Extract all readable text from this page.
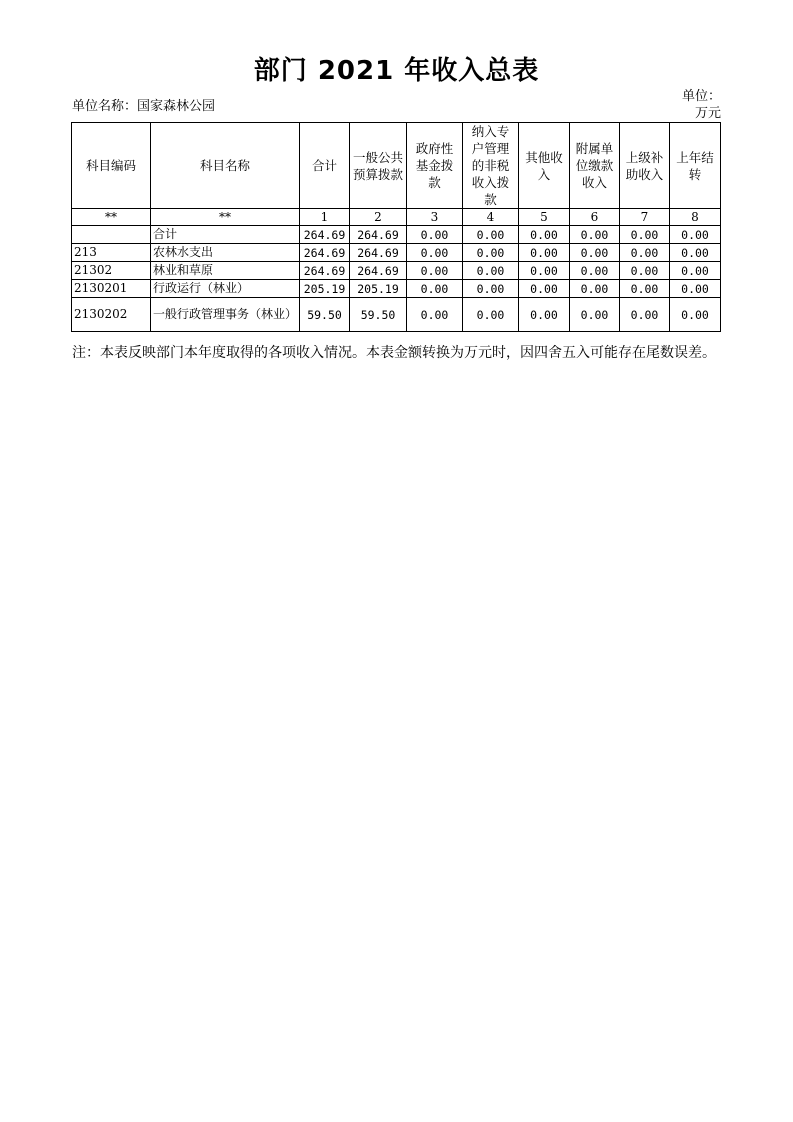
部门 2021 年收入总表
单位名称：国家森林公园
单位：万元
科目编码	科目名称	合计	一般公共预算拨款	政府性基金拨款	纳入专户管理的非税收入拨款	其他收入	附属单位缴款收入	上级补助收入	上年结转
**	**	1	2	3	4	5	6	7	8
	合计	264.69	264.69	0.00	0.00	0.00	0.00	0.00	0.00
213	农林水支出	264.69	264.69	0.00	0.00	0.00	0.00	0.00	0.00
21302	林业和草原	264.69	264.69	0.00	0.00	0.00	0.00	0.00	0.00
2130201	行政运行（林业）	205.19	205.19	0.00	0.00	0.00	0.00	0.00	0.00
2130202	一般行政管理事务（林业）	59.50	59.50	0.00	0.00	0.00	0.00	0.00	0.00
注：本表反映部门本年度取得的各项收入情况。本表金额转换为万元时，因四舍五入可能存在尾数误差。
